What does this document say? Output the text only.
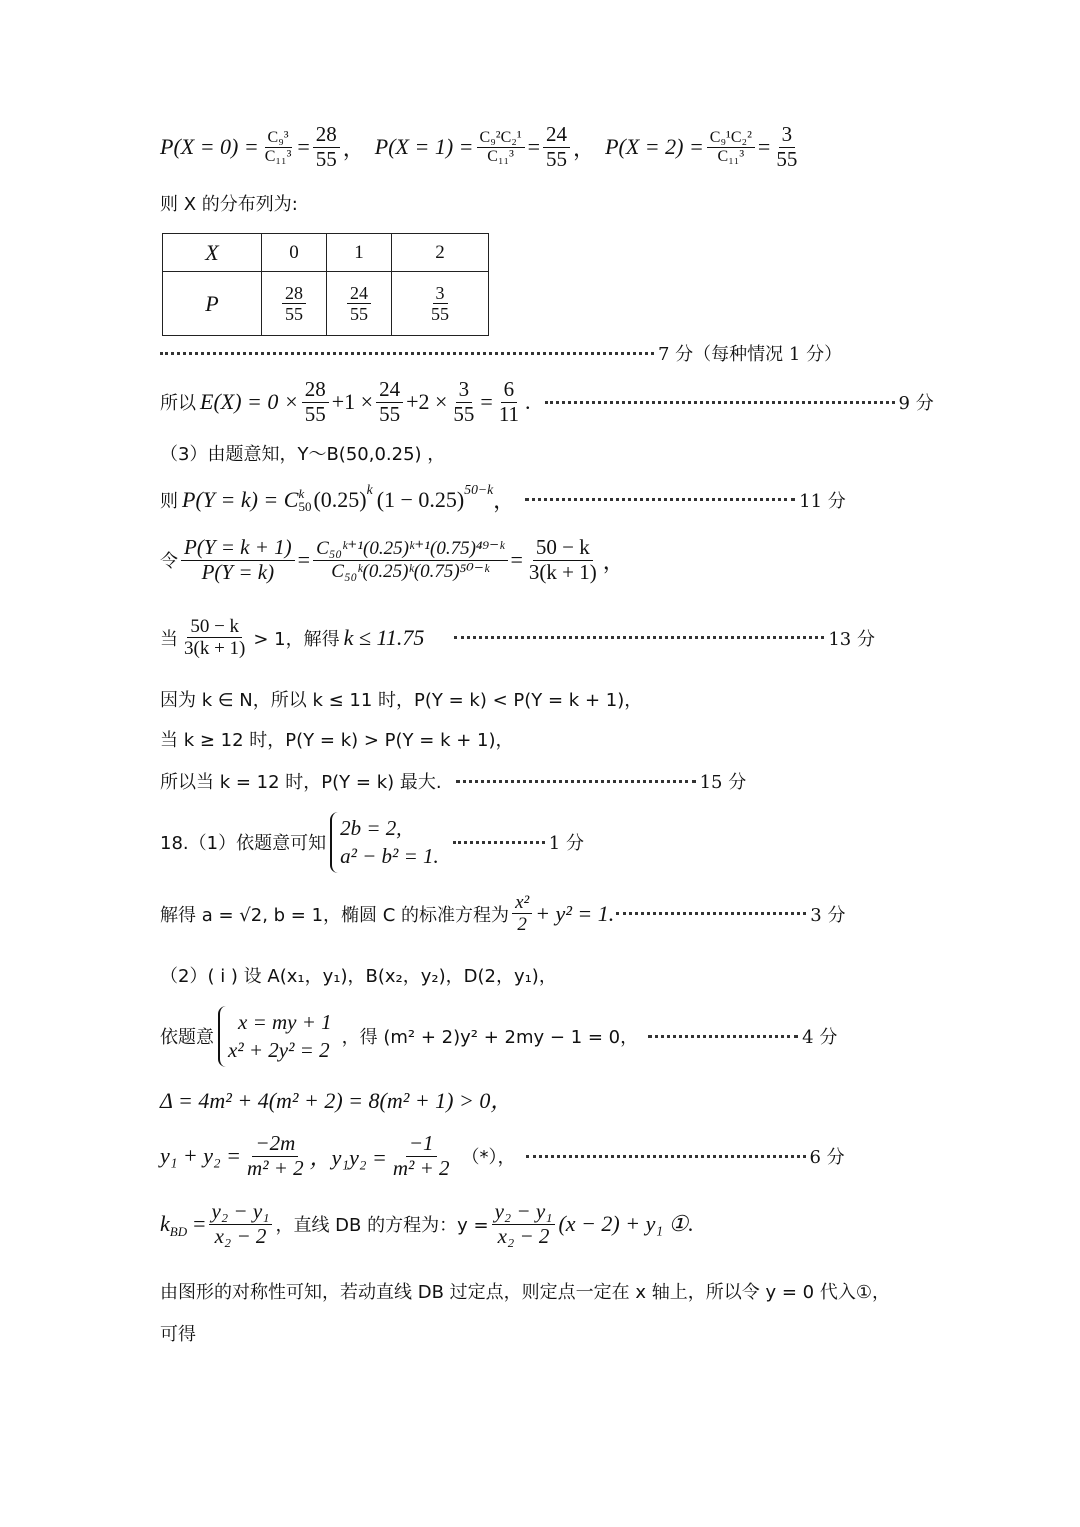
$P(X = 0) = \frac{\text{C₉³}}{\text{C₁₁³}} = \frac{28}{55}$ ， $P(X = 1) = \frac{\text{C₉²C₂¹}}{\text{C₁₁³}} = \frac{24}{55}$ ， $P(X = 2) = \frac{\text{C₉¹C₂²}}{\text{C₁₁³}} = \frac{3}{55}$
则 X 的分布列为:
X	0	1	2
P	$\frac{28}{55}$	$\frac{24}{55}$	$\frac{3}{55}$
7 分（每种情况 1 分）
所以 $E(X) = 0 \times \frac{28}{55} +1 \times \frac{24}{55} +2 \times \frac{3}{55} = \frac{6}{11}$ .	9 分
（3）由题意知，Y～B(50,0.25) ，
则 P(Y = k) = C k
50 $(0.25)^k$ $(1 - 0.25)^{50-k}$ ，	11 分
令 $\frac{P(Y = k + 1)}{P(Y = k)} = \frac{\text{C₅₀ᵏ⁺¹(0.25)ᵏ⁺¹(0.75)⁴⁹⁻ᵏ}}{\text{C₅₀ᵏ(0.25)ᵏ(0.75)⁵⁰⁻ᵏ}} = \frac{50 - k}{3(k + 1)}$ ，
当
50 − k
3(k + 1) > 1，解得 k ≤ 11.75	13 分
因为 k ∈ N，所以 k ≤ 11 时，P(Y = k) < P(Y = k + 1)，
当 k ≥ 12 时，P(Y = k) > P(Y = k + 1)，
所以当 k = 12 时，P(Y = k) 最大.	15 分
18.（1）依题意可知
2b = 2,
a² − b² = 1.
1 分
解得 a = √2, b = 1，椭圆 C 的标准方程为
x²
2 + y² = 1.	3 分
（2）( i ) 设 A(x₁，y₁)，B(x₂，y₂)，D(2，y₁)，
依题意
x = my + 1
x² + 2y² = 2
，得 (m² + 2)y² + 2my − 1 = 0，	4 分
Δ = 4m² + 4(m² + 2) = 8(m² + 1) > 0，
$y_1 + y_2 = \frac{-2m}{\text{m² + 2}}$ ，$y_1y_2 = \frac{-1}{\text{m² + 2}}$ （*），	6 分
$k_{BD} = \frac{\text{y₂ − y₁}}{\text{x₂ − 2}}$ ，直线 DB 的方程为：$y = \frac{\text{y₂ − y₁}}{\text{x₂ − 2}} (x - 2) + y_1$ ①.
由图形的对称性可知，若动直线 DB 过定点，则定点一定在 x 轴上，所以令 y = 0 代入①，
可得
